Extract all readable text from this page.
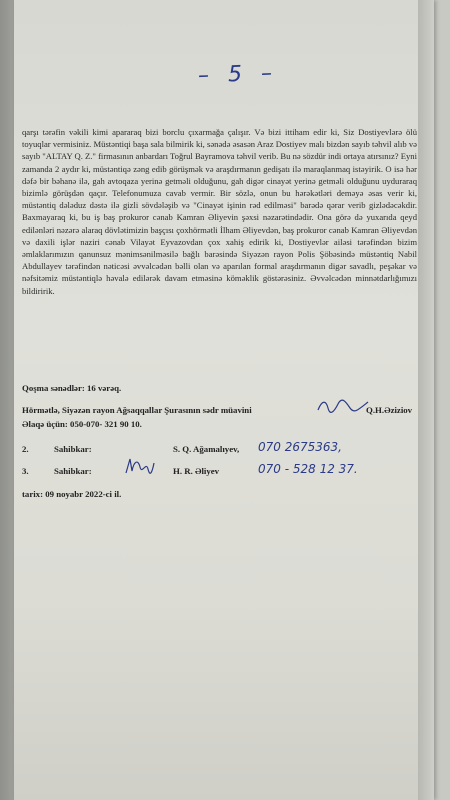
– 5 –

qarşı tərəfin vəkili kimi apararaq bizi borclu çıxarmağa çalışır. Və bizi ittiham edir ki, Siz Dostiyevlərə ölü toyuqlar vermisiniz. Müstəntiqi başa sala bilmirik ki, sənədə əsasən Araz Dostiyev malı bizdən sayıb təhvil alıb və sayıb "ALTAY Q. Z." firmasının anbardarı Toğrul Bayramova təhvil verib. Bu nə sözdür indi ortaya atırsınız? Eyni zamanda 2 aydır ki, müstəntiqə zəng edib görüşmək və araşdırmanın gedişatı ilə maraqlanmaq istəyirik. O isə hər dəfə bir bəhanə ilə, gah avtoqaza yerinə getməli olduğunu, gah digər cinayət yerinə getməli olduğunu uyduraraq bizimlə görüşdən qaçır. Telefonumuza cavab vermir. Bir sözlə, onun bu hərəkətləri deməyə əsas verir ki, müstəntiq dələduz dəstə ilə gizli sövdələşib və "Cinayət işinin rəd edilməsi" barədə qərar verib gizlədəcəkdir. Baxmayaraq ki, bu iş baş prokuror cənab Kamran Əliyevin şəxsi nəzarətindədir. Ona görə də yuxarıda qeyd edilənləri nəzərə alaraq dövlətimizin başçısı çoxhörmətli İlham Əliyevdən, baş prokuror cənab Kamran Əliyevdən və daxili işlər naziri cənab Vilayət Eyvazovdan çox xahiş edirik ki, Dostiyevlər ailəsi tərəfindən bizim əmlaklarımızın qanunsuz mənimsənilməsilə bağlı barəsində Siyəzən rayon Polis Şöbəsində müstəntiq Nabil Abdullayev tərəfindən nəticəsi əvvəlcədən bəlli olan və aparılan formal araşdırmanın digər savadlı, peşəkar və nəfsitəmiz müstəntiqlə həvalə edilərək davam etməsinə köməklik göstərəsiniz. Əvvəlcədən minnətdarlığımızı bildiririk.

Qoşma sənədlər: 16 vərəq.
Hörmətlə, Siyəzən rayon Ağsaqqallar Şurasının sədr müavini	Q.H.Əziziov
Əlaqə üçün: 050-070- 321 90 10.
2.	Sahibkar:	S. Q. Ağamalıyev, 070 2675363,
3.	Sahibkar:	H. R. Əliyev	070 - 528 12 37.
tarix: 09 noyabr 2022-ci il.
